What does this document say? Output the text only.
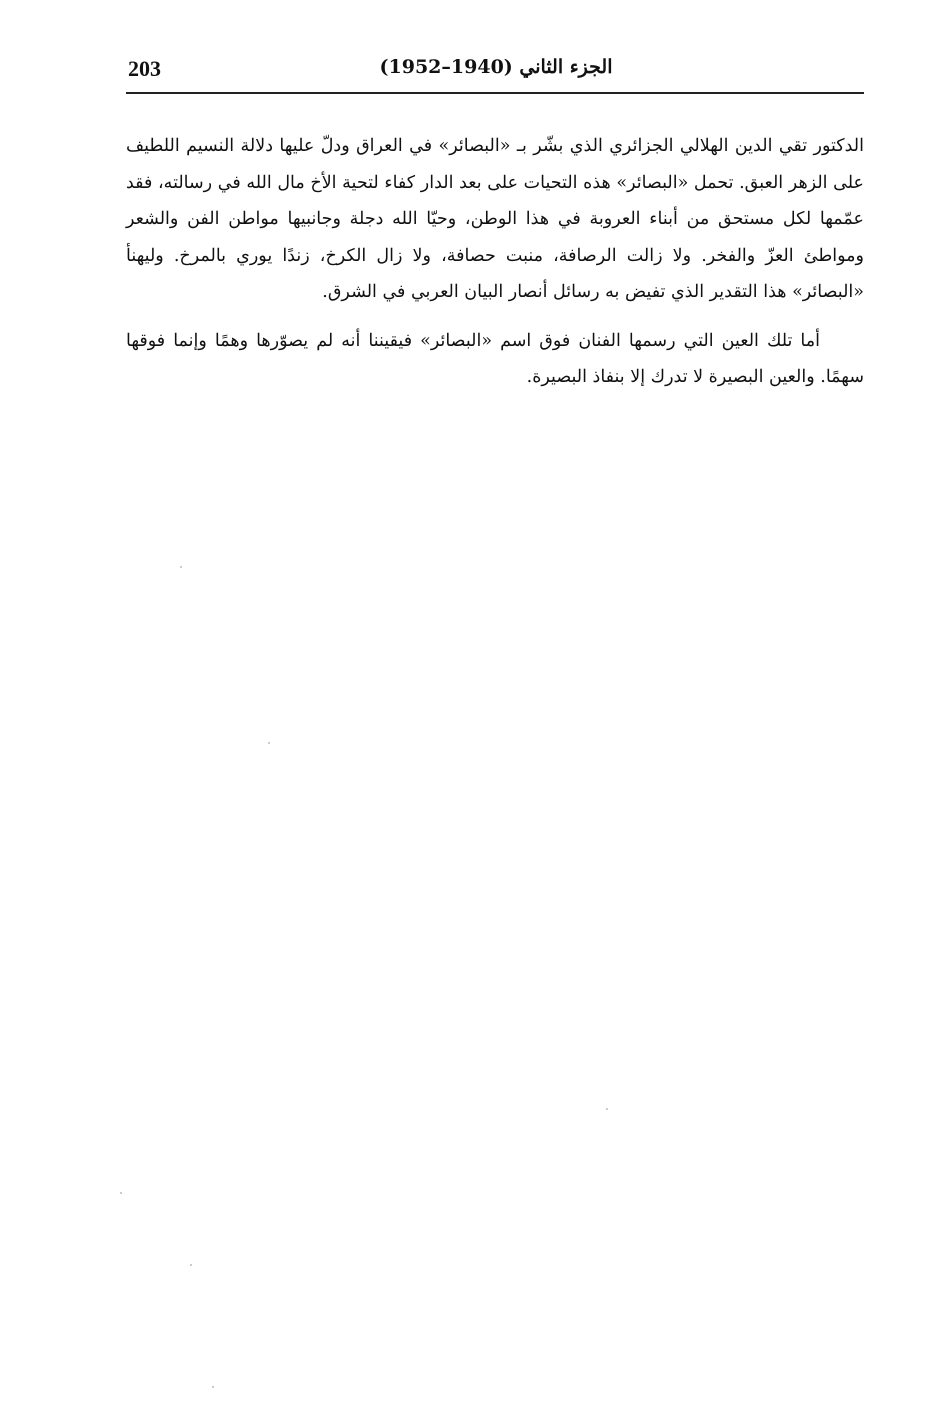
203	الجزء الثاني (1940–1952)

الدكتور تقي الدين الهلالي الجزائري الذي بشّر بـ «البصائر» في العراق ودلّ عليها دلالة النسيم اللطيف على الزهر العبق. تحمل «البصائر» هذه التحيات على بعد الدار كفاء لتحية الأخ مال الله في رسالته، فقد عمّمها لكل مستحق من أبناء العروبة في هذا الوطن، وحيّا الله دجلة وجانبيها مواطن الفن والشعر ومواطئ العزّ والفخر. ولا زالت الرصافة، منبت حصافة، ولا زال الكرخ، زندًا يوري بالمرخ. وليهنأ «البصائر» هذا التقدير الذي تفيض به رسائل أنصار البيان العربي في الشرق.

أما تلك العين التي رسمها الفنان فوق اسم «البصائر» فيقيننا أنه لم يصوّرها وهمًا وإنما فوقها سهمًا. والعين البصيرة لا تدرك إلا بنفاذ البصيرة.
